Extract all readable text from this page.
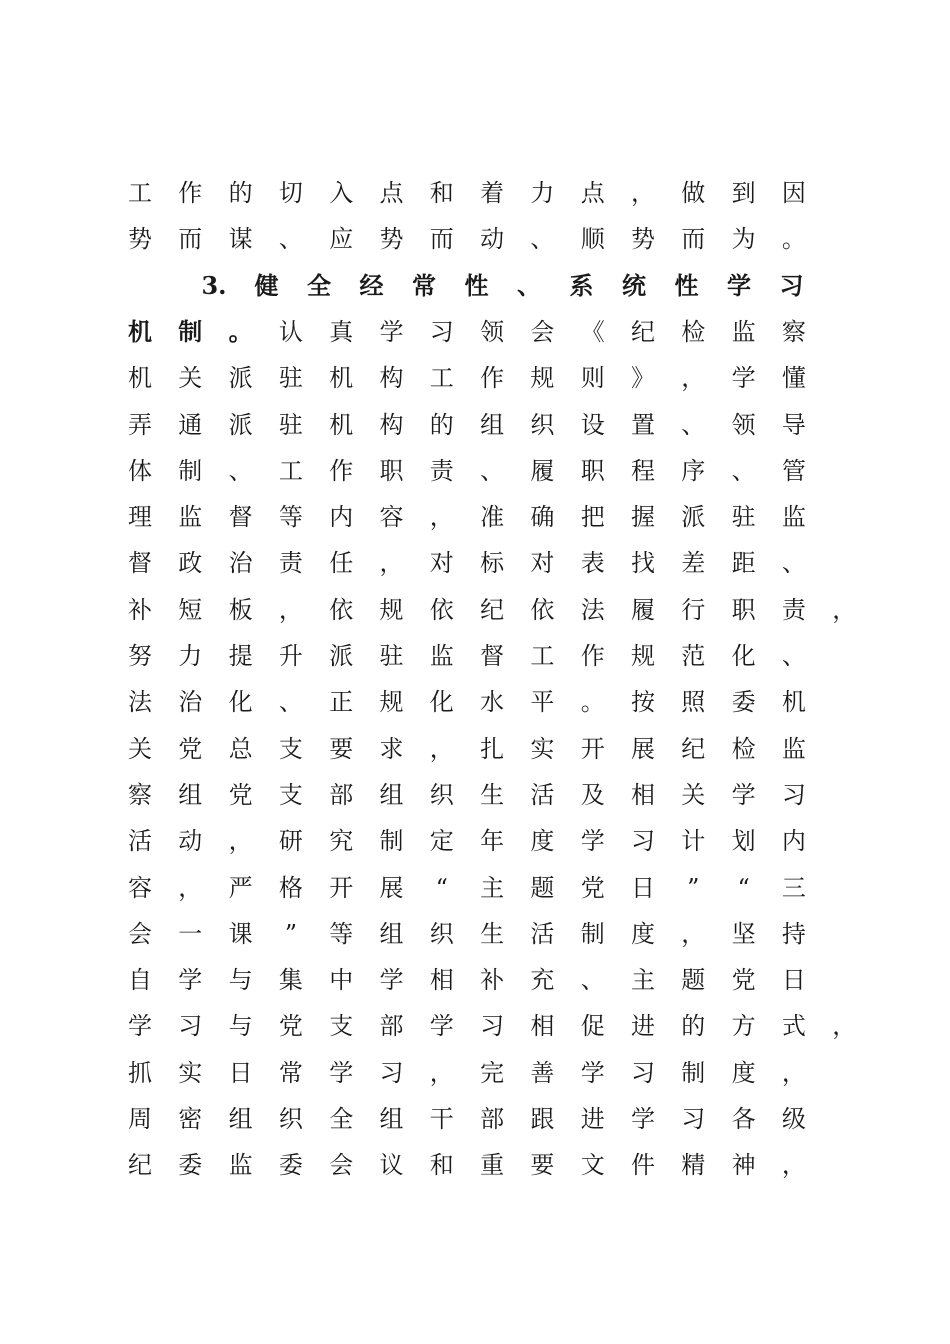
工 作 的 切 入 点 和 着 力 点 ， 做 到 因
势 而 谋 、 应 势 而 动 、 顺 势 而 为 。
3. 健 全 经 常 性 、 系 统 性 学 习
机 制 。 认 真 学 习 领 会 《 纪 检 监 察
机 关 派 驻 机 构 工 作 规 则 》 ， 学 懂
弄 通 派 驻 机 构 的 组 织 设 置 、 领 导
体 制 、 工 作 职 责 、 履 职 程 序 、 管
理 监 督 等 内 容 ， 准 确 把 握 派 驻 监
督 政 治 责 任 ， 对 标 对 表 找 差 距 、
补 短 板 ， 依 规 依 纪 依 法 履 行 职 责 ，
努 力 提 升 派 驻 监 督 工 作 规 范 化 、
法 治 化 、 正 规 化 水 平 。 按 照 委 机
关 党 总 支 要 求 ， 扎 实 开 展 纪 检 监
察 组 党 支 部 组 织 生 活 及 相 关 学 习
活 动 ， 研 究 制 定 年 度 学 习 计 划 内
容 ， 严 格 开 展	“	主 题 党 日	”	“	三
会 一 课	”	等 组 织 生 活 制 度 ， 坚 持
自 学 与 集 中 学 相 补 充 、 主 题 党 日
学 习 与 党 支 部 学 习 相 促 进 的 方 式 ，
抓 实 日 常 学 习 ， 完 善 学 习 制 度 ，
周 密 组 织 全 组 干 部 跟 进 学 习 各 级
纪 委 监 委 会 议 和 重 要 文 件 精 神 ，
